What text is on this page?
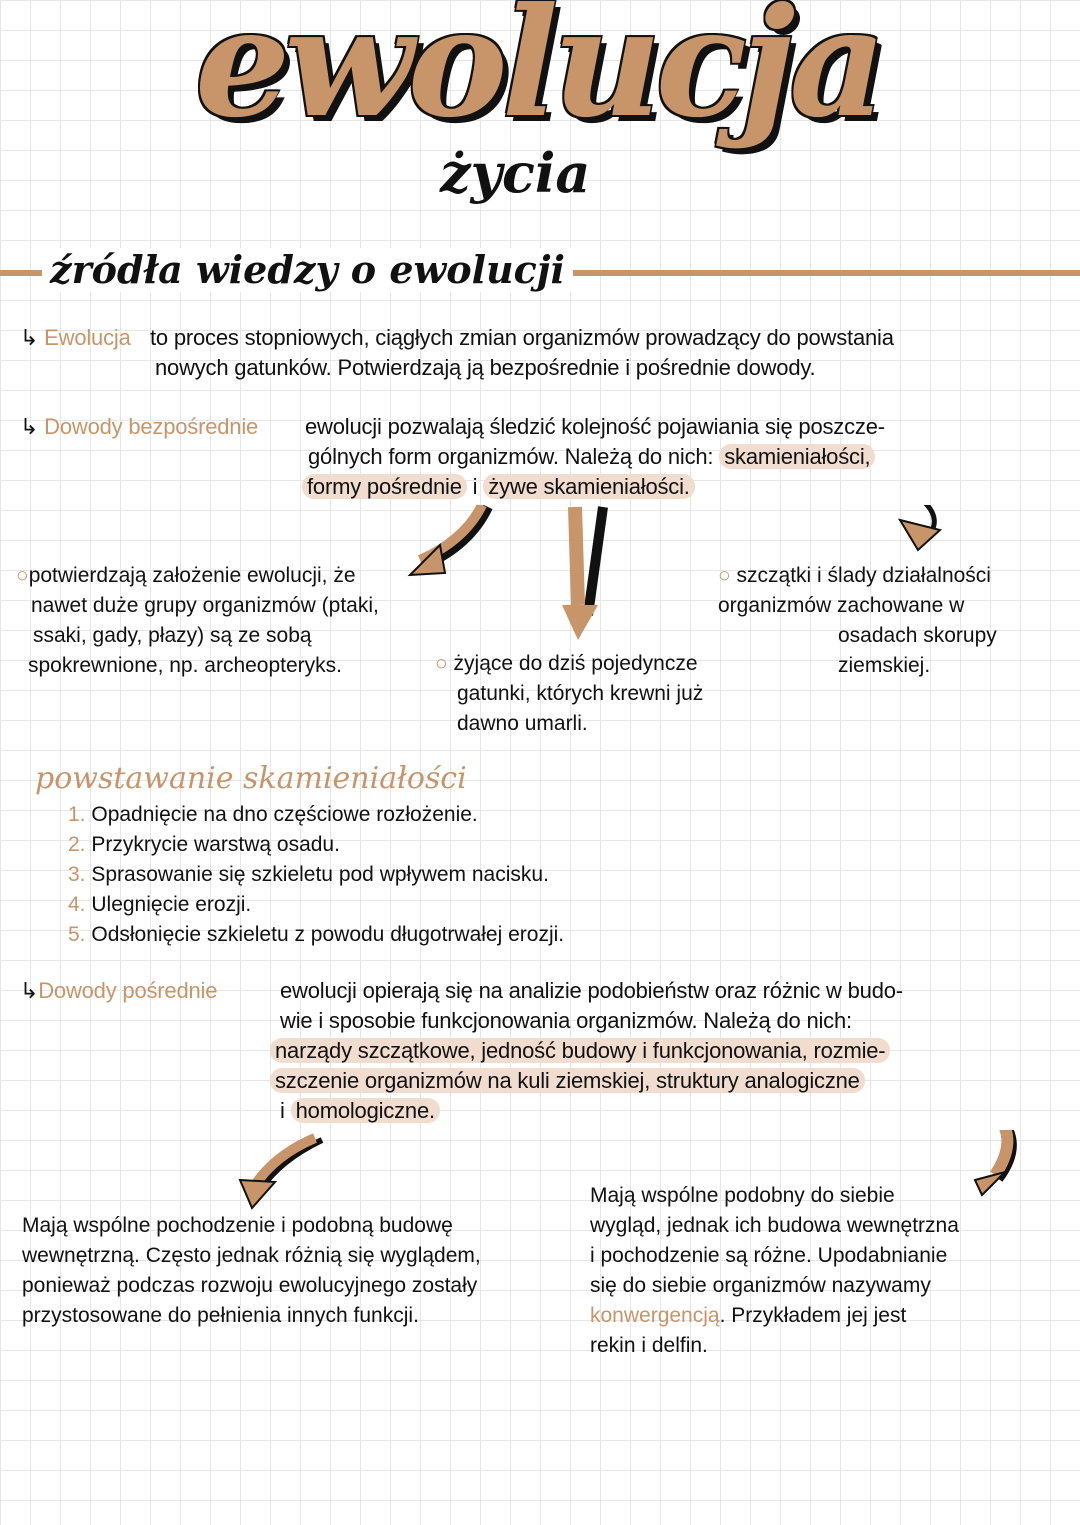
ewolucja
życia
źródła wiedzy o ewolucji
↳ Ewolucja to proces stopniowych, ciągłych zmian organizmów prowadzący do powstania
nowych gatunków. Potwierdzają ją bezpośrednie i pośrednie dowody.
↳ Dowody bezpośrednie ewolucji pozwalają śledzić kolejność pojawiania się poszcze-
gólnych form organizmów. Należą do nich: skamieniałości,
formy pośrednie i żywe skamieniałości.
○potwierdzają założenie ewolucji, że
nawet duże grupy organizmów (ptaki,
ssaki, gady, płazy) są ze sobą
spokrewnione, np. archeopteryks.	○ żyjące do dziś pojedyncze
gatunki, których krewni już
dawno umarli.
○ szczątki i ślady działalności
organizmów zachowane w
osadach skorupy
ziemskiej.
powstawanie skamieniałości
1. Opadnięcie na dno częściowe rozłożenie.
2. Przykrycie warstwą osadu.
3. Sprasowanie się szkieletu pod wpływem nacisku.
4. Ulegnięcie erozji.
5. Odsłonięcie szkieletu z powodu długotrwałej erozji.
↳Dowody pośrednie	ewolucji opierają się na analizie podobieństw oraz różnic w budo-
wie i sposobie funkcjonowania organizmów. Należą do nich:
narządy szczątkowe, jedność budowy i funkcjonowania, rozmie-
szczenie organizmów na kuli ziemskiej, struktury analogiczne
i homologiczne.
Mają wspólne pochodzenie i podobną budowę
wewnętrzną. Często jednak różnią się wyglądem,
ponieważ podczas rozwoju ewolucyjnego zostały
przystosowane do pełnienia innych funkcji.
Mają wspólne podobny do siebie
wygląd, jednak ich budowa wewnętrzna
i pochodzenie są różne. Upodabnianie
się do siebie organizmów nazywamy
konwergencją. Przykładem jej jest
rekin i delfin.
